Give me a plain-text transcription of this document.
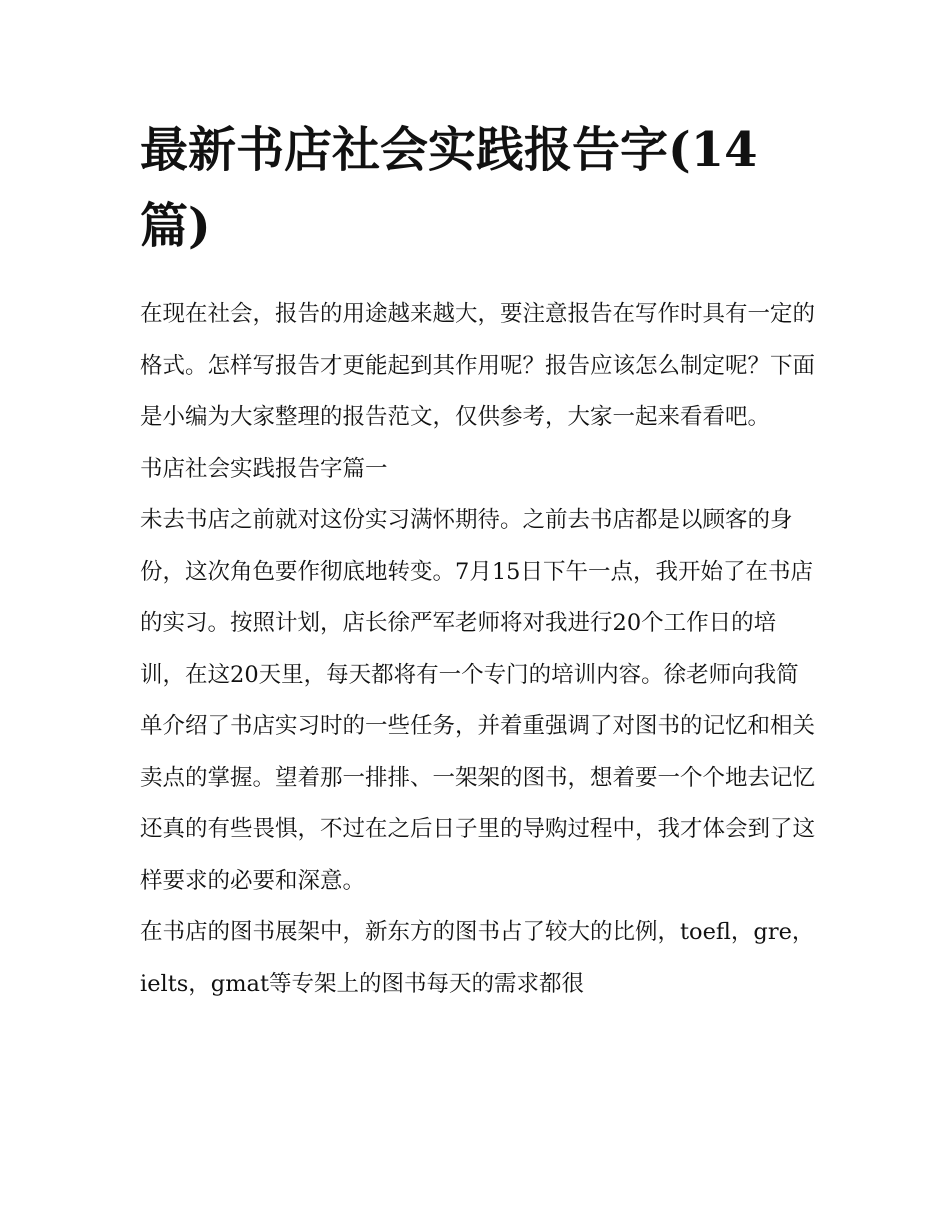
最新书店社会实践报告字(14篇)

在现在社会，报告的用途越来越大，要注意报告在写作时具有一定的格式。怎样写报告才更能起到其作用呢？报告应该怎么制定呢？下面是小编为大家整理的报告范文，仅供参考，大家一起来看看吧。

书店社会实践报告字篇一

未去书店之前就对这份实习满怀期待。之前去书店都是以顾客的身份，这次角色要作彻底地转变。7月15日下午一点，我开始了在书店的实习。按照计划，店长徐严军老师将对我进行20个工作日的培训，在这20天里，每天都将有一个专门的培训内容。徐老师向我简单介绍了书店实习时的一些任务，并着重强调了对图书的记忆和相关卖点的掌握。望着那一排排、一架架的图书，想着要一个个地去记忆还真的有些畏惧，不过在之后日子里的导购过程中，我才体会到了这样要求的必要和深意。

在书店的图书展架中，新东方的图书占了较大的比例，toefl，gre，ielts，gmat等专架上的图书每天的需求都很
